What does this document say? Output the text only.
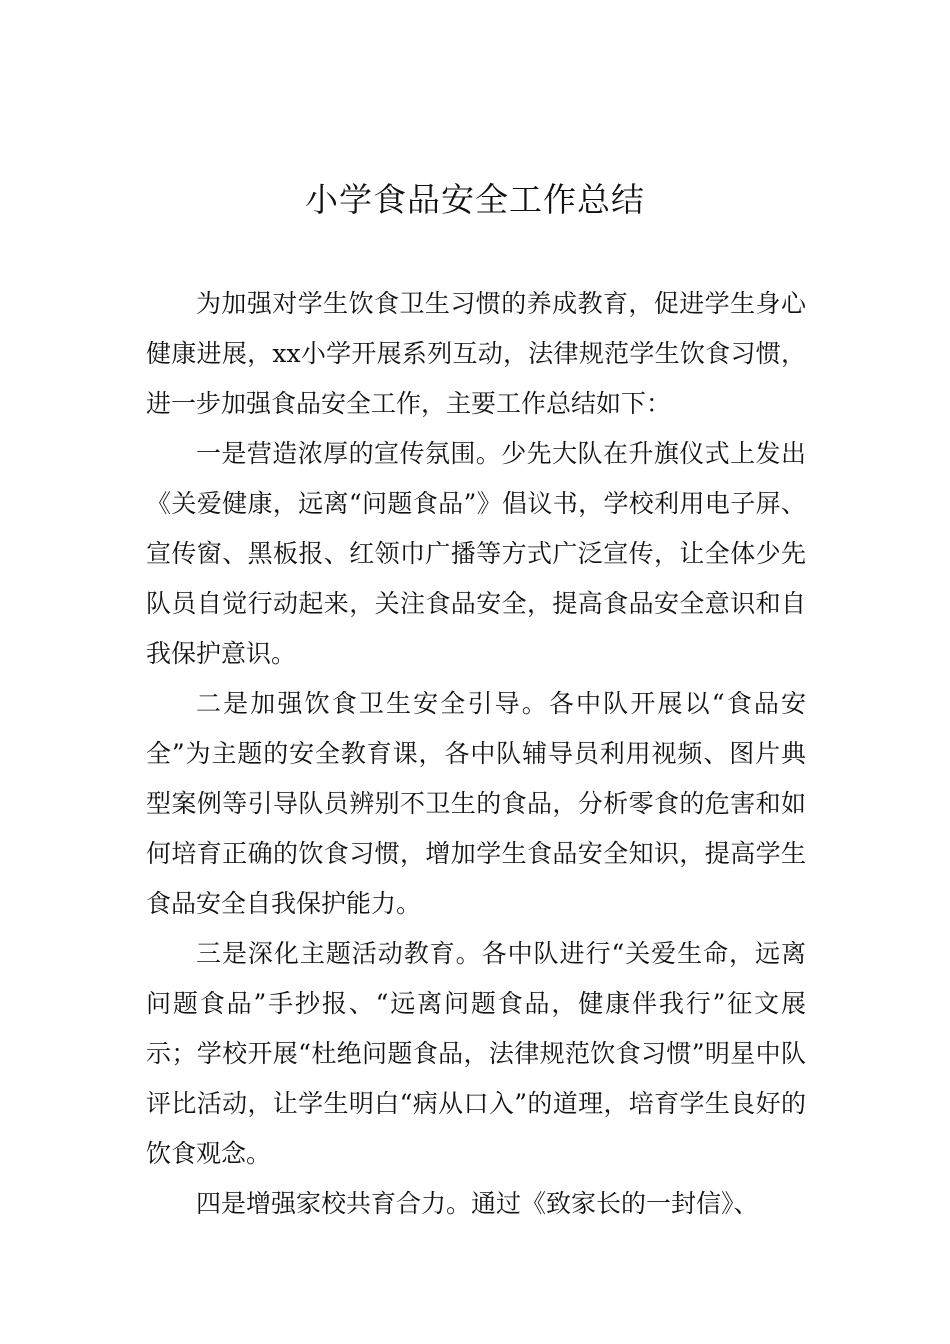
小学食品安全工作总结

为加强对学生饮食卫生习惯的养成教育，促进学生身心健康进展，xx小学开展系列互动，法律规范学生饮食习惯，进一步加强食品安全工作，主要工作总结如下：

一是营造浓厚的宣传氛围。少先大队在升旗仪式上发出《关爱健康，远离“问题食品”》倡议书，学校利用电子屏、宣传窗、黑板报、红领巾广播等方式广泛宣传，让全体少先队员自觉行动起来，关注食品安全，提高食品安全意识和自我保护意识。

二是加强饮食卫生安全引导。各中队开展以“食品安全”为主题的安全教育课，各中队辅导员利用视频、图片典型案例等引导队员辨别不卫生的食品，分析零食的危害和如何培育正确的饮食习惯，增加学生食品安全知识，提高学生食品安全自我保护能力。

三是深化主题活动教育。各中队进行“关爱生命，远离问题食品”手抄报、“远离问题食品，健康伴我行”征文展示；学校开展“杜绝问题食品，法律规范饮食习惯”明星中队评比活动，让学生明白“病从口入”的道理，培育学生良好的饮食观念。

四是增强家校共育合力。通过《致家长的一封信》、
